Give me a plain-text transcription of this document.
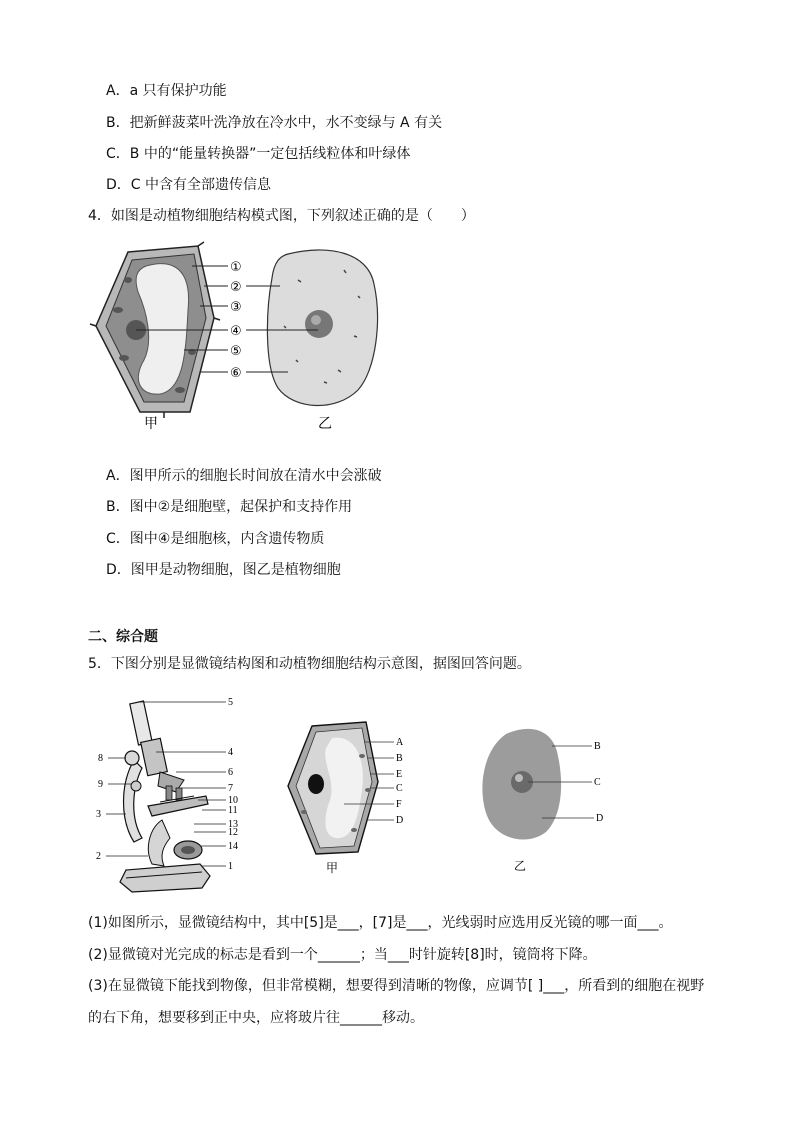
A．a 只有保护功能
B．把新鲜菠菜叶洗净放在冷水中，水不变绿与 A 有关
C．B 中的“能量转换器”一定包括线粒体和叶绿体
D．C 中含有全部遗传信息
4．如图是动植物细胞结构模式图，下列叙述正确的是（　　）
①
②
③
④
⑤
⑥
甲	乙
A．图甲所示的细胞长时间放在清水中会涨破
B．图中②是细胞壁，起保护和支持作用
C．图中④是细胞核，内含遗传物质
D．图甲是动物细胞，图乙是植物细胞
二、综合题
5．下图分别是显微镜结构图和动植物细胞结构示意图，据图回答问题。
5
4
6
7
10
11
13
12
14
1
8
9
3
2
A
B
E
C
F
D
甲
B
C
D
乙
(1)如图所示，显微镜结构中，其中[5]是___，[7]是___，光线弱时应选用反光镜的哪一面___。
(2)显微镜对光完成的标志是看到一个______；当___时针旋转[8]时，镜筒将下降。
(3)在显微镜下能找到物像，但非常模糊，想要得到清晰的物像，应调节[ ]___，所看到的细胞在视野
的右下角，想要移到正中央，应将玻片往______移动。
